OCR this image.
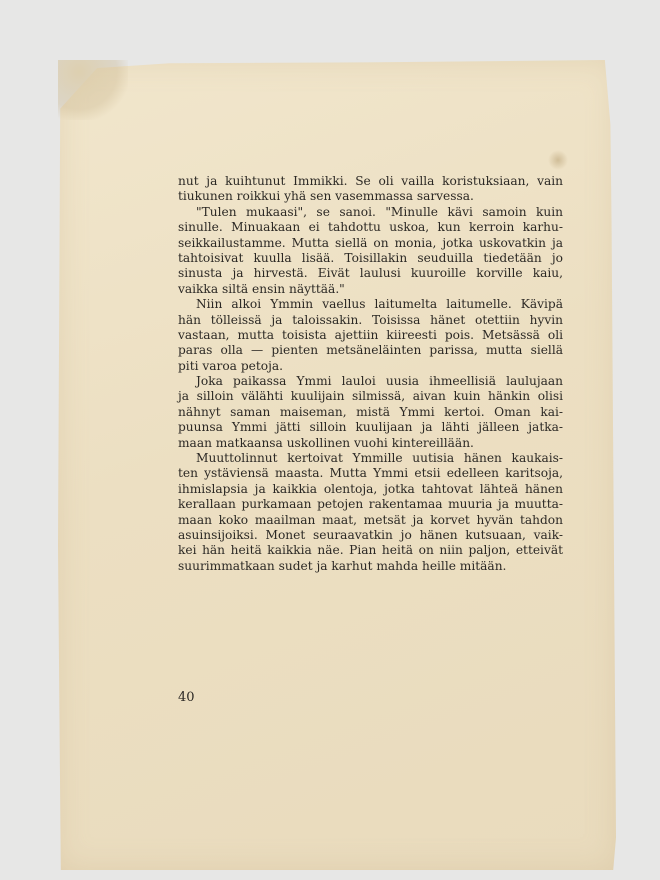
nut ja kuihtunut Immikki. Se oli vailla koristuksiaan, vain
tiukunen roikkui yhä sen vasemmassa sarvessa.
"Tulen mukaasi", se sanoi. "Minulle kävi samoin kuin
sinulle. Minuakaan ei tahdottu uskoa, kun kerroin karhu-
seikkailustamme. Mutta siellä on monia, jotka uskovatkin ja
tahtoisivat kuulla lisää. Toisillakin seuduilla tiedetään jo
sinusta ja hirvestä. Eivät laulusi kuuroille korville kaiu,
vaikka siltä ensin näyttää."
Niin alkoi Ymmin vaellus laitumelta laitumelle. Kävipä
hän tölleissä ja taloissakin. Toisissa hänet otettiin hyvin
vastaan, mutta toisista ajettiin kiireesti pois. Metsässä oli
paras olla — pienten metsäneläinten parissa, mutta siellä
piti varoa petoja.
Joka paikassa Ymmi lauloi uusia ihmeellisiä laulujaan
ja silloin välähti kuulijain silmissä, aivan kuin hänkin olisi
nähnyt saman maiseman, mistä Ymmi kertoi. Oman kai-
puunsa Ymmi jätti silloin kuulijaan ja lähti jälleen jatka-
maan matkaansa uskollinen vuohi kintereillään.
Muuttolinnut kertoivat Ymmille uutisia hänen kaukais-
ten ystäviensä maasta. Mutta Ymmi etsii edelleen karitsoja,
ihmislapsia ja kaikkia olentoja, jotka tahtovat lähteä hänen
kerallaan purkamaan petojen rakentamaa muuria ja muutta-
maan koko maailman maat, metsät ja korvet hyvän tahdon
asuinsijoiksi. Monet seuraavatkin jo hänen kutsuaan, vaik-
kei hän heitä kaikkia näe. Pian heitä on niin paljon, etteivät
suurimmatkaan sudet ja karhut mahda heille mitään.
40
